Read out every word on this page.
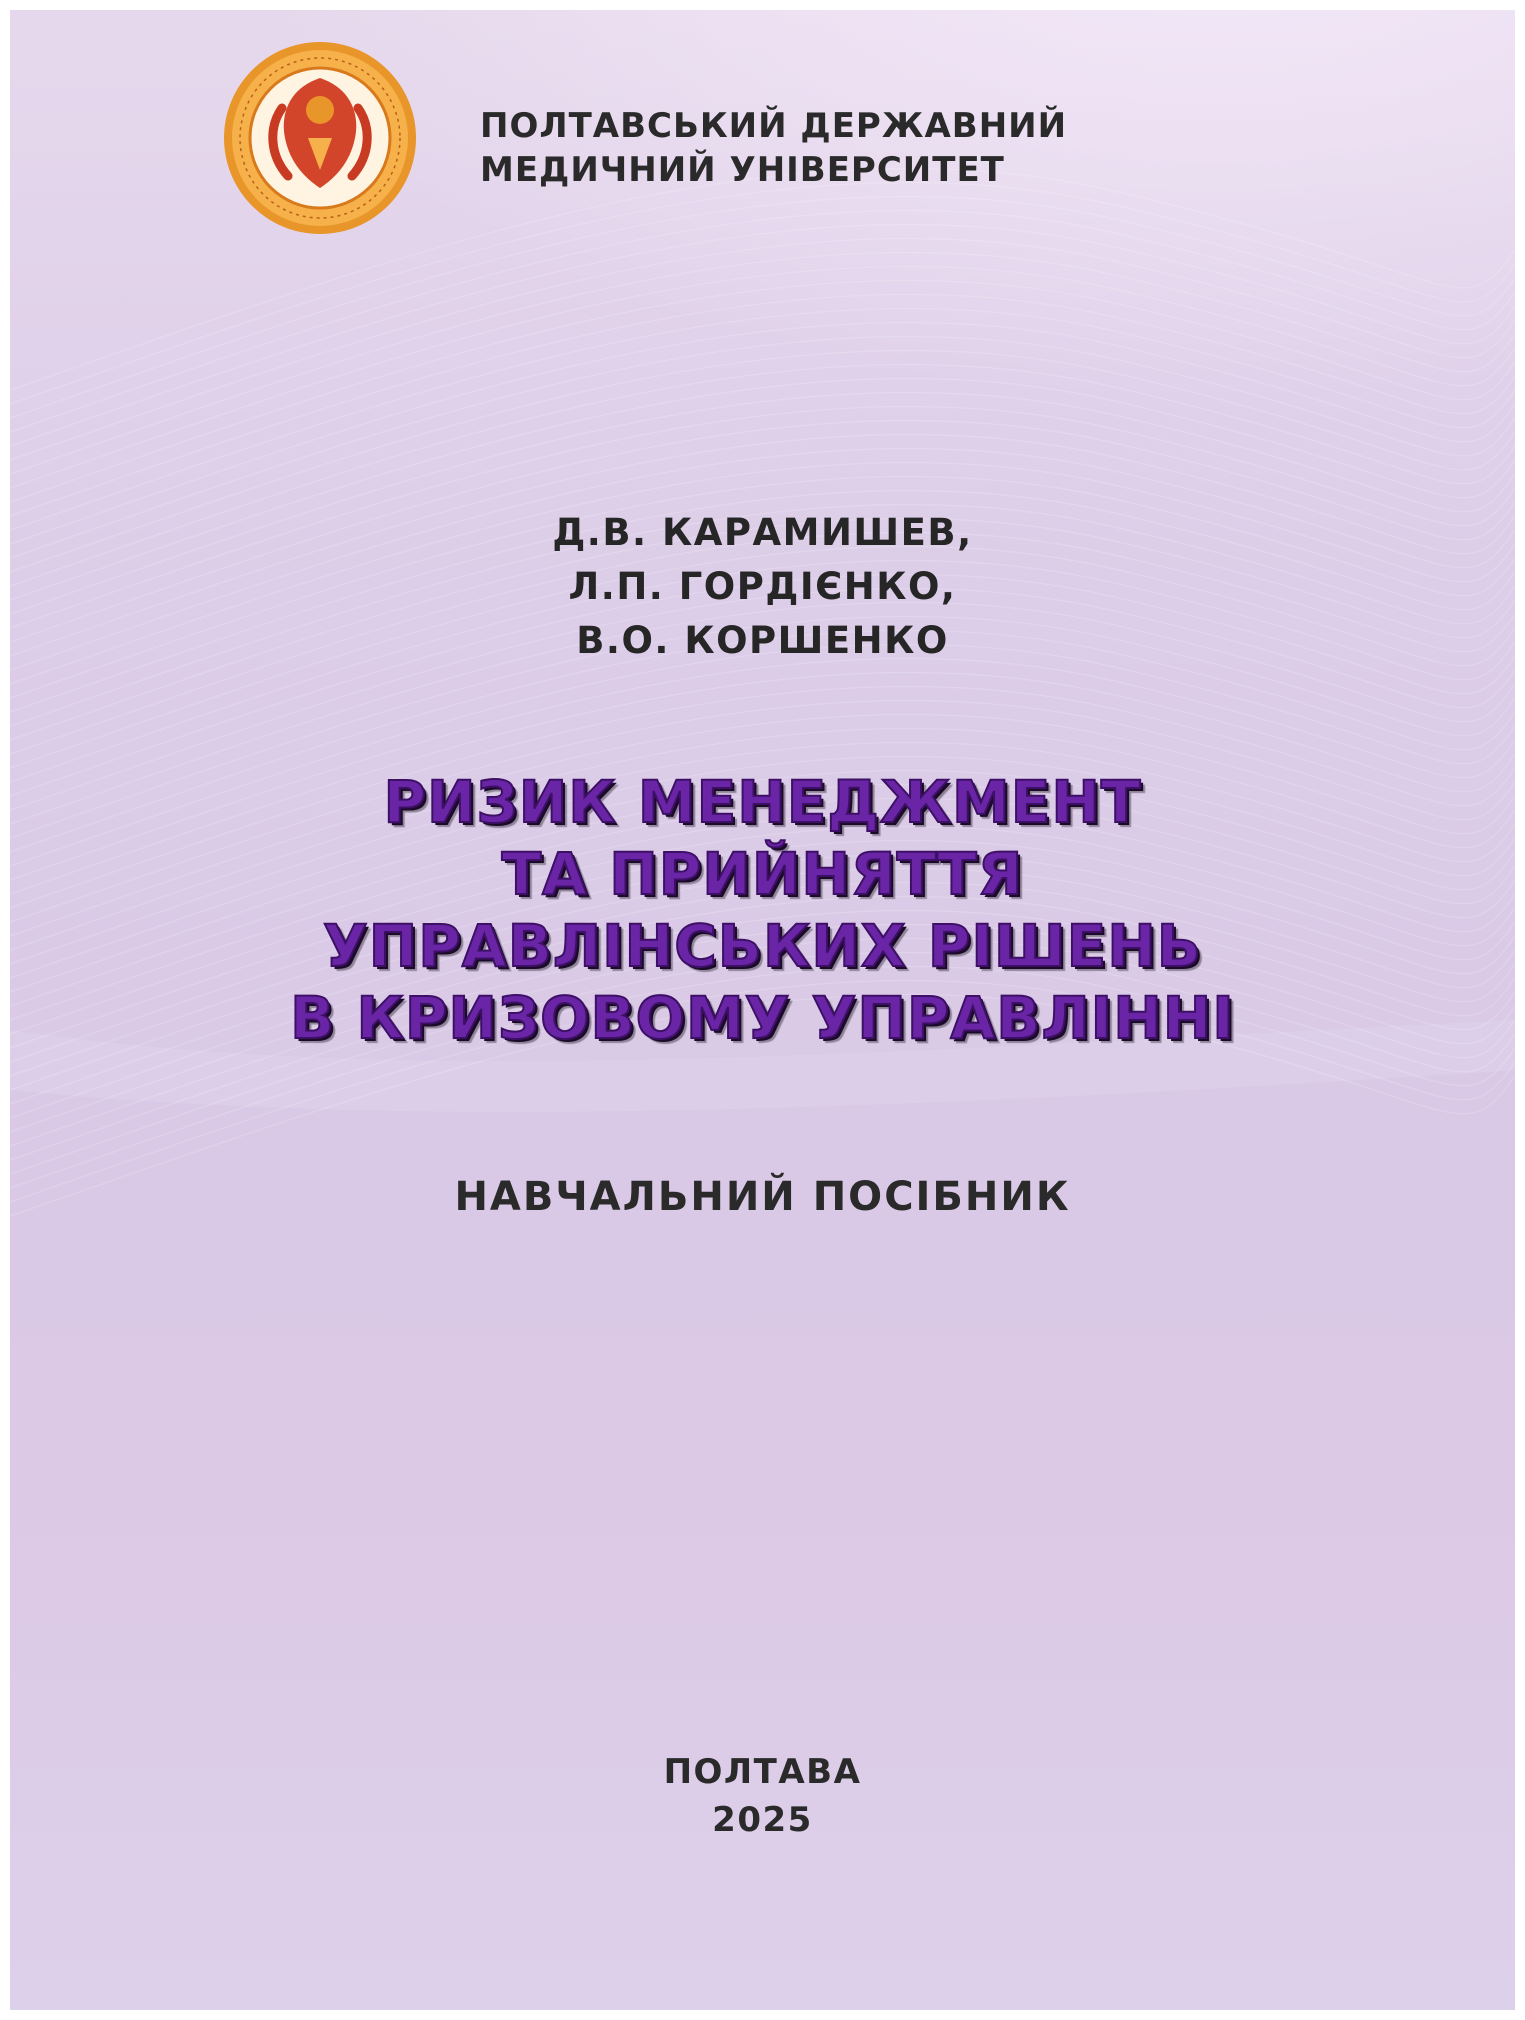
ПОЛТАВСЬКИЙ ДЕРЖАВНИЙ
МЕДИЧНИЙ УНІВЕРСИТЕТ
Д.В. КАРАМИШЕВ,
Л.П. ГОРДІЄНКО,
В.О. КОРШЕНКО
РИЗИК МЕНЕДЖМЕНТ
ТА ПРИЙНЯТТЯ
УПРАВЛІНСЬКИХ РІШЕНЬ
В КРИЗОВОМУ УПРАВЛІННІ
НАВЧАЛЬНИЙ ПОСІБНИК
ПОЛТАВА
2025
